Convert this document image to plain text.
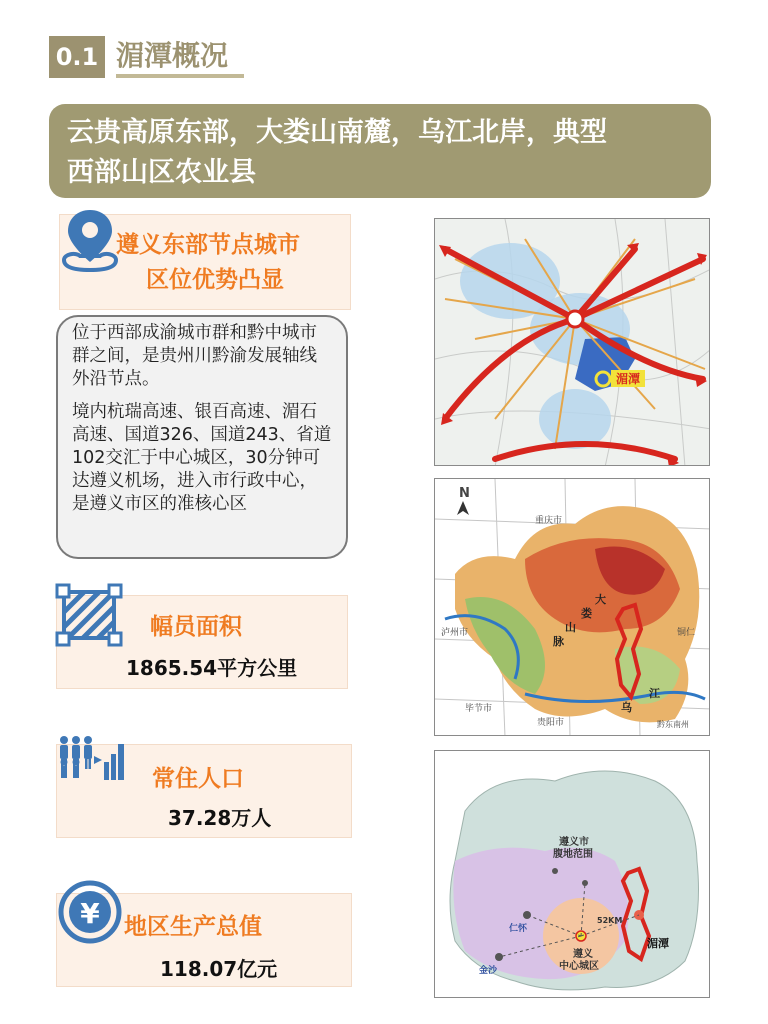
0.1 湄潭概况
云贵高原东部，大娄山南麓，乌江北岸，典型
西部山区农业县
遵义东部节点城市
区位优势凸显

位于西部成渝城市群和黔中城市群之间，是贵州川黔渝发展轴线外沿节点。

境内杭瑞高速、银百高速、湄石高速、国道326、国道243、省道102交汇于中心城区，30分钟可达遵义机场，进入市行政中心，是遵义市区的准核心区

幅员面积
1865.54平方公里
常住人口
37.28万人
¥ 地区生产总值
118.07亿元
湄潭
N
重庆市
泸州市
毕节市
贵阳市
铜仁
黔东南州
大
娄
山
脉
乌
江
遵义市
腹地范围
52KM
仁怀
金沙
遵义
中心城区
湄潭
